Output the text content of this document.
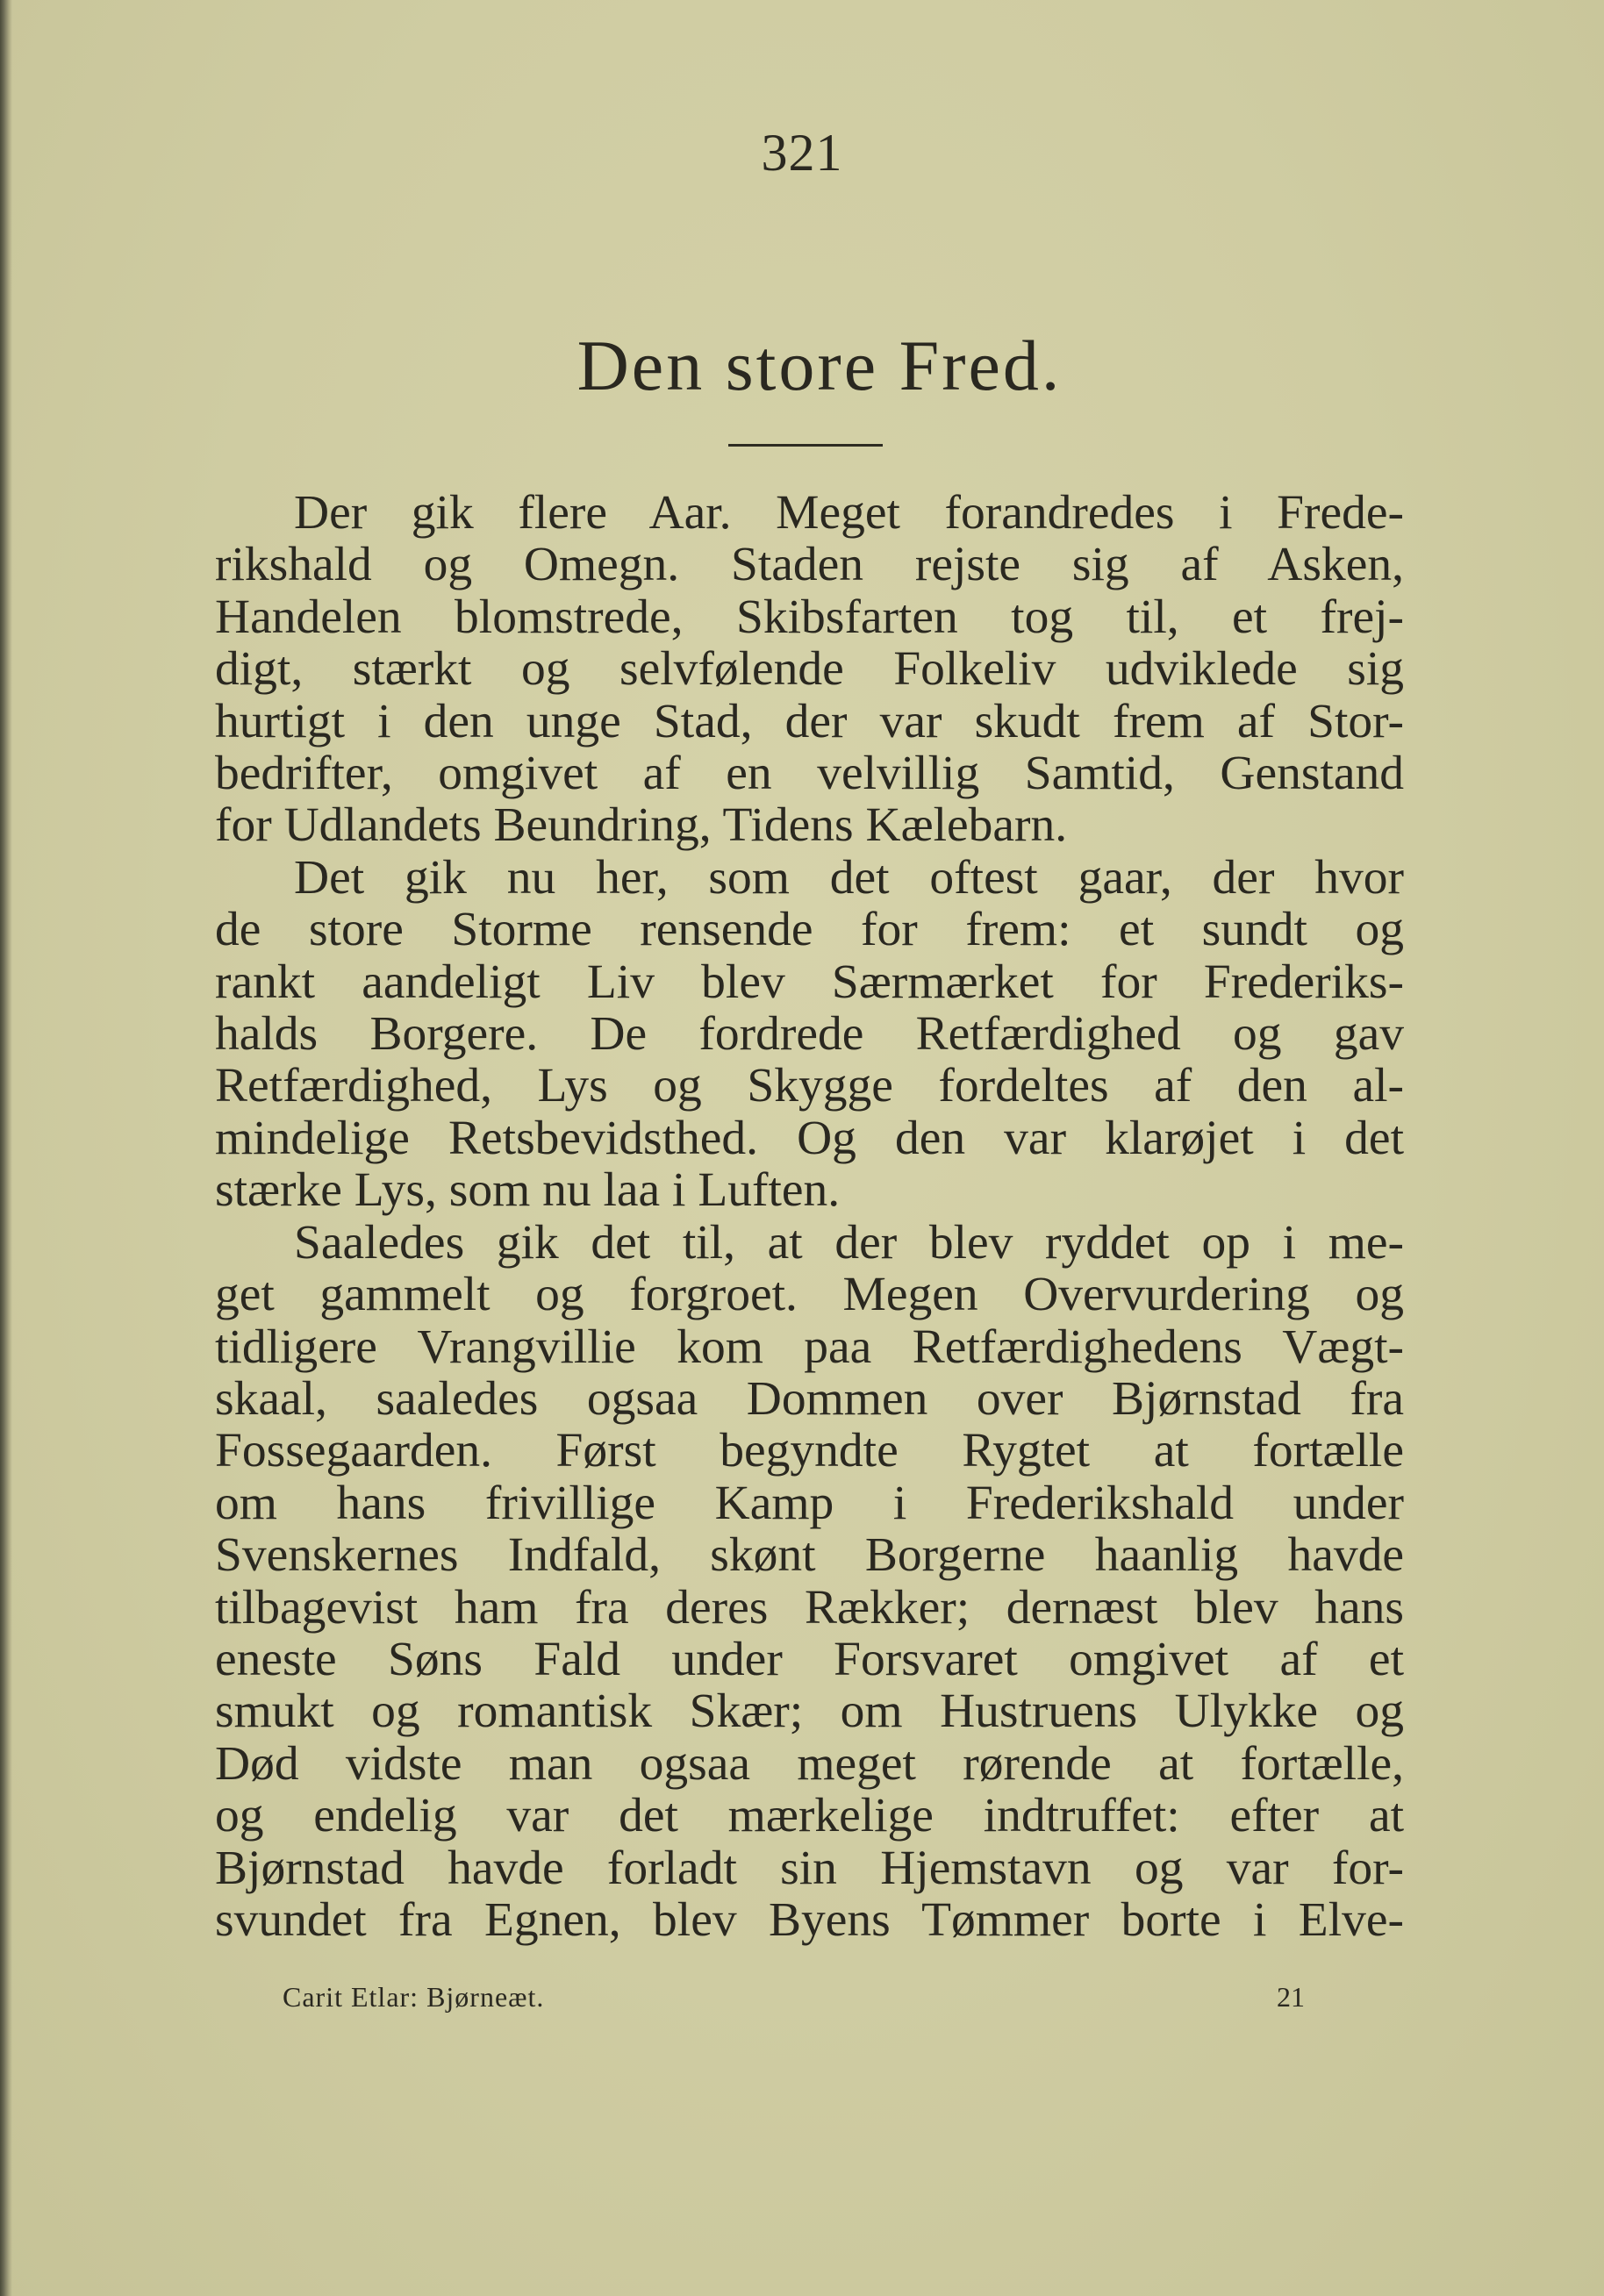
321
Den store Fred.

Der gik flere Aar. Meget forandredes i Frede-
rikshald og Omegn. Staden rejste sig af Asken,
Handelen blomstrede, Skibsfarten tog til, et frej-
digt, stærkt og selvfølende Folkeliv udviklede sig
hurtigt i den unge Stad, der var skudt frem af Stor-
bedrifter, omgivet af en velvillig Samtid, Genstand
for Udlandets Beundring, Tidens Kælebarn.

Det gik nu her, som det oftest gaar, der hvor
de store Storme rensende for frem: et sundt og
rankt aandeligt Liv blev Særmærket for Frederiks-
halds Borgere. De fordrede Retfærdighed og gav
Retfærdighed, Lys og Skygge fordeltes af den al-
mindelige Retsbevidsthed. Og den var klarøjet i det
stærke Lys, som nu laa i Luften.

Saaledes gik det til, at der blev ryddet op i me-
get gammelt og forgroet. Megen Overvurdering og
tidligere Vrangvillie kom paa Retfærdighedens Vægt-
skaal, saaledes ogsaa Dommen over Bjørnstad fra
Fossegaarden. Først begyndte Rygtet at fortælle
om hans frivillige Kamp i Frederikshald under
Svenskernes Indfald, skønt Borgerne haanlig havde
tilbagevist ham fra deres Rækker; dernæst blev hans
eneste Søns Fald under Forsvaret omgivet af et
smukt og romantisk Skær; om Hustruens Ulykke og
Død vidste man ogsaa meget rørende at fortælle,
og endelig var det mærkelige indtruffet: efter at
Bjørnstad havde forladt sin Hjemstavn og var for-
svundet fra Egnen, blev Byens Tømmer borte i Elve-

Carit Etlar: Bjørneæt.	21
